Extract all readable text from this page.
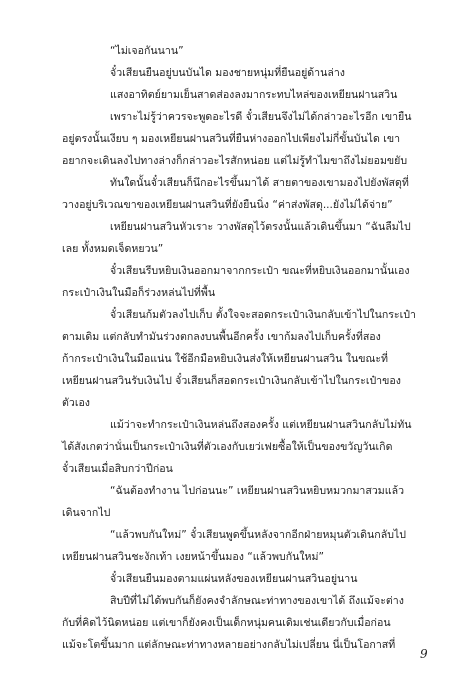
“ไม่เจอกันนาน”
จั๋วเสียนยืนอยู่บนบันได มองชายหนุ่มที่ยืนอยู่ด้านล่าง
แสงอาทิตย์ยามเย็นสาดส่องลงมากระทบไหล่ของเหยียนฝานสวิน
เพราะไม่รู้ว่าควรจะพูดอะไรดี จั๋วเสียนจึงไม่ได้กล่าวอะไรอีก เขายืน
อยู่ตรงนั้นเงียบ ๆ มองเหยียนฝานสวินที่ยืนห่างออกไปเพียงไม่กี่ขั้นบันได เขา
อยากจะเดินลงไปทางล่างก็กล่าวอะไรสักหน่อย แต่ไม่รู้ทำไมขาถึงไม่ยอมขยับ
ทันใดนั้นจั๋วเสียนก็นึกอะไรขึ้นมาได้ สายตาของเขามองไปยังพัสดุที่
วางอยู่บริเวณขาของเหยียนฝานสวินที่ยังยืนนิ่ง “ค่าส่งพัสดุ...ยังไม่ได้จ่าย”
เหยียนฝานสวินหัวเราะ วางพัสดุไว้ตรงนั้นแล้วเดินขึ้นมา “ฉันลืมไป
เลย ทั้งหมดเจ็ดหยวน”
จั๋วเสียนรีบหยิบเงินออกมาจากกระเป๋า ขณะที่หยิบเงินออกมานั้นเอง
กระเป๋าเงินในมือก็ร่วงหล่นไปที่พื้น
จั๋วเสียนก้มตัวลงไปเก็บ ตั้งใจจะสอดกระเป๋าเงินกลับเข้าไปในกระเป๋า
ตามเดิม แต่กลับทำมันร่วงตกลงบนพื้นอีกครั้ง เขาก้มลงไปเก็บครั้งที่สอง
ก้ากระเป๋าเงินในมือแน่น ใช้อีกมือหยิบเงินส่งให้เหยียนฝานสวิน ในขณะที่
เหยียนฝานสวินรับเงินไป จั๋วเสียนก็สอดกระเป๋าเงินกลับเข้าไปในกระเป๋าของ
ตัวเอง
แม้ว่าจะทำกระเป๋าเงินหล่นถึงสองครั้ง แต่เหยียนฝานสวินกลับไม่ทัน
ได้สังเกตว่านั่นเป็นกระเป๋าเงินที่ตัวเองกับเยว่เฟยซื้อให้เป็นของขวัญวันเกิด
จั๋วเสียนเมื่อสิบกว่าปีก่อน
“ฉันต้องทำงาน ไปก่อนนะ” เหยียนฝานสวินหยิบหมวกมาสวมแล้ว
เดินจากไป
“แล้วพบกันใหม่” จั๋วเสียนพูดขึ้นหลังจากอีกฝ่ายหมุนตัวเดินกลับไป
เหยียนฝานสวินชะงักเท้า เงยหน้าขึ้นมอง “แล้วพบกันใหม่”
จั๋วเสียนยืนมองตามแผ่นหลังของเหยียนฝานสวินอยู่นาน
สิบปีที่ไม่ได้พบกันก็ยังคงจำลักษณะท่าทางของเขาได้ ถึงแม้จะต่าง
กับที่คิดไว้นิดหน่อย แต่เขาก็ยังคงเป็นเด็กหนุ่มคนเดิมเช่นเดียวกับเมื่อก่อน
แม้จะโตขึ้นมาก แต่ลักษณะท่าทางหลายอย่างกลับไม่เปลี่ยน นี่เป็นโอกาสที่
9
